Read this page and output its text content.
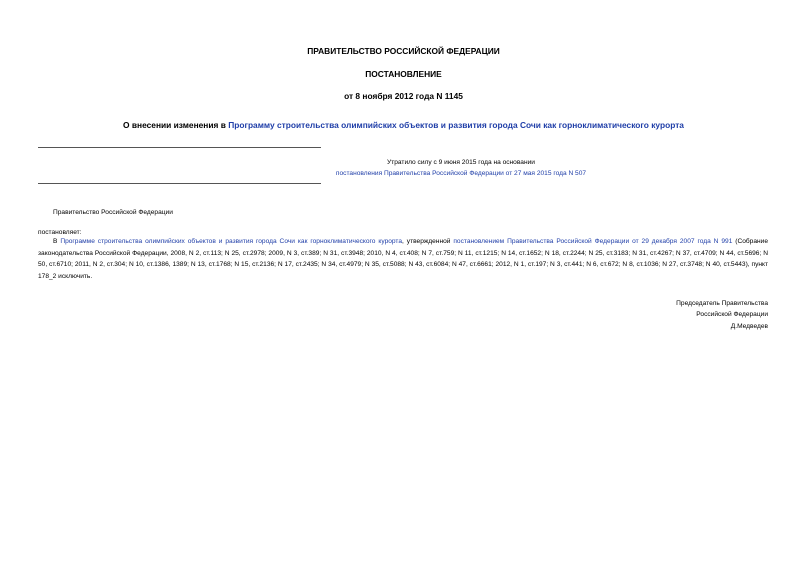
ПРАВИТЕЛЬСТВО РОССИЙСКОЙ ФЕДЕРАЦИИ
ПОСТАНОВЛЕНИЕ
от 8 ноября 2012 года N 1145
О внесении изменения в Программу строительства олимпийских объектов и развития города Сочи как горноклиматического курорта
Утратило силу с 9 июня 2015 года на основании
постановления Правительства Российской Федерации от 27 мая 2015 года N 507
Правительство Российской Федерации
постановляет:
В Программе строительства олимпийских объектов и развития города Сочи как горноклиматического курорта, утвержденной постановлением Правительства Российской Федерации от 29 декабря 2007 года N 991 (Собрание законодательства Российской Федерации, 2008, N 2, ст.113; N 25, ст.2978; 2009, N 3, ст.389; N 31, ст.3948; 2010, N 4, ст.408; N 7, ст.759; N 11, ст.1215; N 14, ст.1652; N 18, ст.2244; N 25, ст.3183; N 31, ст.4267; N 37, ст.4709; N 44, ст.5696; N 50, ст.6710; 2011, N 2, ст.304; N 10, ст.1386, 1389; N 13, ст.1768; N 15, ст.2136; N 17, ст.2435; N 34, ст.4979; N 35, ст.5088; N 43, ст.6084; N 47, ст.6661; 2012, N 1, ст.197; N 3, ст.441; N 6, ст.672; N 8, ст.1036; N 27, ст.3748; N 40, ст.5443), пункт 178_2 исключить.
Председатель Правительства
Российской Федерации
Д.Медведев
